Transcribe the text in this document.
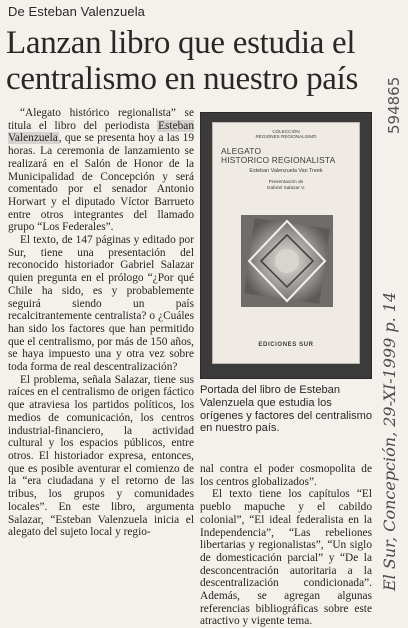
De Esteban Valenzuela
Lanzan libro que estudia el centralismo en nuestro país

“Alegato histórico regionalista” se titula el libro del periodista Esteban Valenzuela, que se presenta hoy a las 19 horas. La ceremonia de lanzamiento se realizará en el Salón de Honor de la Municipalidad de Concepción y será comentado por el senador Antonio Horwart y el diputado Víctor Barrueto entre otros integrantes del llamado grupo “Los Federales”.

El texto, de 147 páginas y editado por Sur, tiene una presentación del reconocido historiador Gabriel Salazar quien pregunta en el prólogo “¿Por qué Chile ha sido, es y probablemente seguirá siendo un país recalcitrantemente centralista? o ¿Cuáles han sido los factores que han permitido que el centralismo, por más de 150 años, se haya impuesto una y otra vez sobre toda forma de real descentralización?

El problema, señala Salazar, tiene sus raíces en el centralismo de origen fáctico que atraviesa los partidos políticos, los medios de comunicación, los centros industrial-financiero, la actividad cultural y los espacios públicos, entre otros. El historiador expresa, entonces, que es posible aventurar el comienzo de la “era ciudadana y el retorno de las tribus, los grupos y comunidades locales”. En este libro, argumenta Salazar, “Esteban Valenzuela inicia el alegato del sujeto local y regio-

COLECCIÓN
REGIONES REGIONALISMO
ALEGATO
HISTORICO REGIONALISTA
Esteban Valenzuela Van Treek
Presentación de
Gabriel Salazar V.
EDICIONES SUR
Portada del libro de Esteban Valenzuela que estudia los orígenes y factores del centralismo en nuestro país.

nal contra el poder cosmopolita de los centros globalizados”.

El texto tiene los capítulos “El pueblo mapuche y el cabildo colonial”, “El ideal federalista en la Independencia”, “Las rebeliones libertarias y regionalistas”, “Un siglo de domesticación parcial” y “De la desconcentración autoritaria a la descentralización condicionada”. Además, se agregan algunas referencias bibliográficas sobre este atractivo y vigente tema.

El Sur, Concepción, 29-XI-1999 p. 14
594865
